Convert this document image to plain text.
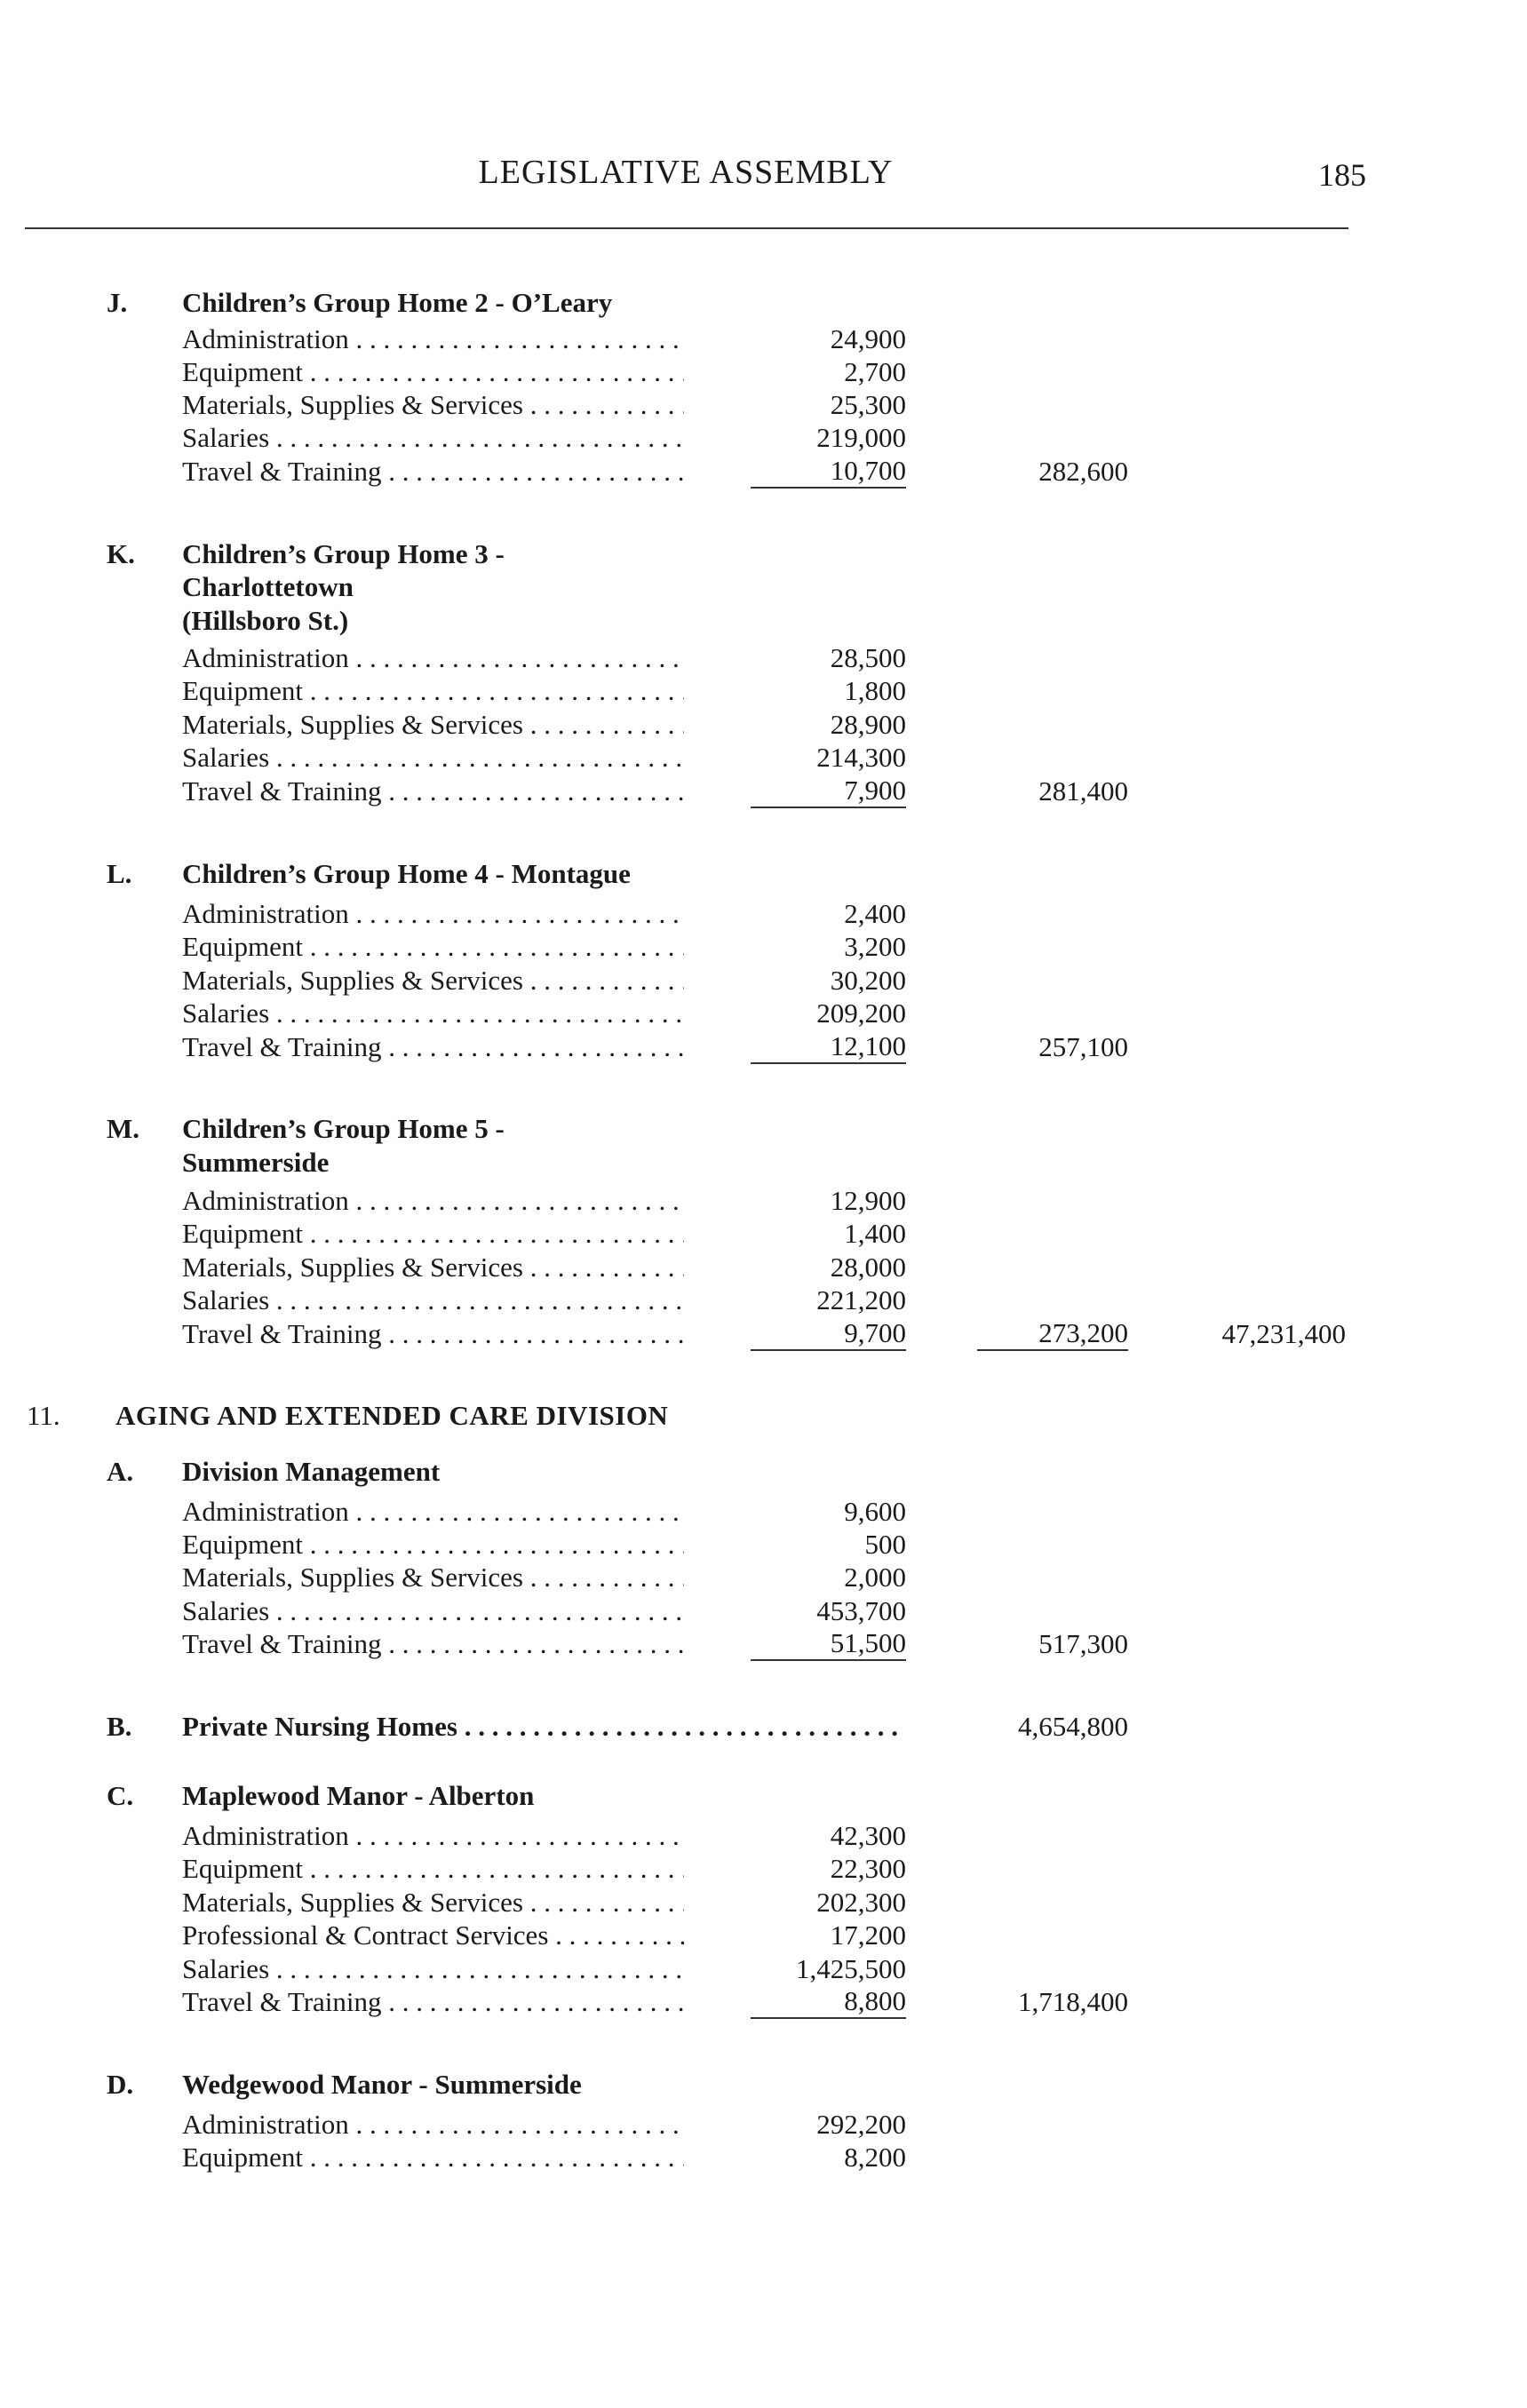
LEGISLATIVE ASSEMBLY	185
J.	Children’s Group Home 2 - O’Leary
Administration . . .	24,900
Equipment . . .	2,700
Materials, Supplies & Services . . .	25,300
Salaries . . .	219,000
Travel & Training . . .	10,700	282,600
K.	Children’s Group Home 3 -
Charlottetown
(Hillsboro St.)
Administration . . .	28,500
Equipment . . .	1,800
Materials, Supplies & Services . . .	28,900
Salaries . . .	214,300
Travel & Training . . .	7,900	281,400
L.	Children’s Group Home 4 - Montague
Administration . . .	2,400
Equipment . . .	3,200
Materials, Supplies & Services . . .	30,200
Salaries . . .	209,200
Travel & Training . . .	12,100	257,100
M.	Children’s Group Home 5 -
Summerside
Administration . . .	12,900
Equipment . . .	1,400
Materials, Supplies & Services . . .	28,000
Salaries . . .	221,200
Travel & Training . . .	9,700	273,200	47,231,400
11.	AGING AND EXTENDED CARE DIVISION
A.	Division Management
Administration . . .	9,600
Equipment . . .	500
Materials, Supplies & Services . . .	2,000
Salaries . . .	453,700
Travel & Training . . .	51,500	517,300
B.	Private Nursing Homes . . .	4,654,800
C.	Maplewood Manor - Alberton
Administration . . .	42,300
Equipment . . .	22,300
Materials, Supplies & Services . . .	202,300
Professional & Contract Services . . .	17,200
Salaries . . .	1,425,500
Travel & Training . . .	8,800	1,718,400
D.	Wedgewood Manor - Summerside
Administration . . .	292,200
Equipment . . .	8,200
